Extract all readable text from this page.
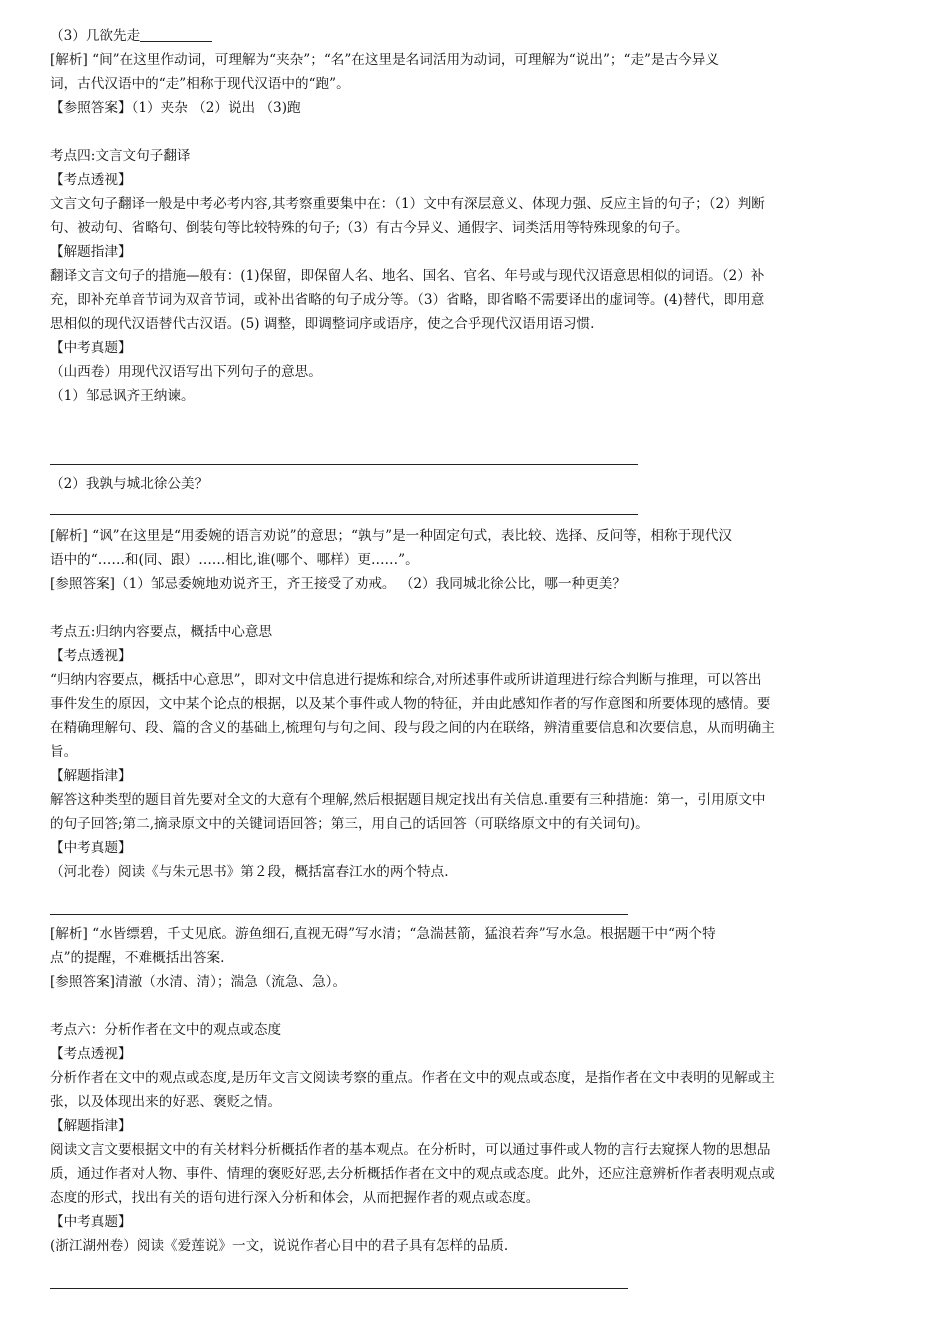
（3）几欲先走
[解析] “间”在这里作动词，可理解为“夹杂”；“名”在这里是名词活用为动词，可理解为“说出”；“走”是古今异义
词，古代汉语中的“走”相称于现代汉语中的“跑”。
【参照答案】（1）夹杂 （2）说出 （3)跑
考点四:文言文句子翻译
【考点透视】
文言文句子翻译一般是中考必考内容,其考察重要集中在：（1）文中有深层意义、体现力强、反应主旨的句子；（2）判断
句、被动句、省略句、倒装句等比较特殊的句子;（3）有古今异义、通假字、词类活用等特殊现象的句子。
【解题指津】
翻译文言文句子的措施—般有：(1)保留，即保留人名、地名、国名、官名、年号或与现代汉语意思相似的词语。（2）补
充，即补充单音节词为双音节词，或补出省略的句子成分等。（3）省略，即省略不需要译出的虚词等。(4)替代，即用意
思相似的现代汉语替代古汉语。(5) 调整，即调整词序或语序，使之合乎现代汉语用语习惯.
【中考真题】
（山西卷）用现代汉语写出下列句子的意思。
（1）邹忌讽齐王纳谏。
（2）我孰与城北徐公美？
[解析] “讽”在这里是“用委婉的语言劝说”的意思；“孰与”是一种固定句式，表比较、选择、反问等，相称于现代汉
语中的“……和(同、跟）……相比,谁(哪个、哪样）更……”。
[参照答案]（1）邹忌委婉地劝说齐王，齐王接受了劝戒。 （2）我同城北徐公比，哪一种更美？
考点五:归纳内容要点，概括中心意思
【考点透视】
“归纳内容要点，概括中心意思”，即对文中信息进行提炼和综合,对所述事件或所讲道理进行综合判断与推理，可以答出
事件发生的原因，文中某个论点的根据，以及某个事件或人物的特征，并由此感知作者的写作意图和所要体现的感情。要
在精确理解句、段、篇的含义的基础上,梳理句与句之间、段与段之间的内在联络，辨清重要信息和次要信息，从而明确主
旨。
【解题指津】
解答这种类型的题目首先要对全文的大意有个理解,然后根据题目规定找出有关信息.重要有三种措施：第一，引用原文中
的句子回答;第二,摘录原文中的关键词语回答；第三，用自己的话回答（可联络原文中的有关词句)。
【中考真题】
（河北卷）阅读《与朱元思书》第２段，概括富春江水的两个特点.
[解析] “水皆缥碧，千丈见底。游鱼细石,直视无碍”写水清；“急湍甚箭，猛浪若奔”写水急。根据题干中“两个特
点”的提醒，不难概括出答案.
[参照答案]清澈（水清、清）；湍急（流急、急）。
考点六：分析作者在文中的观点或态度
【考点透视】
分析作者在文中的观点或态度,是历年文言文阅读考察的重点。作者在文中的观点或态度，是指作者在文中表明的见解或主
张，以及体现出来的好恶、褒贬之情。
【解题指津】
阅读文言文要根据文中的有关材料分析概括作者的基本观点。在分析时，可以通过事件或人物的言行去窥探人物的思想品
质，通过作者对人物、事件、情理的褒贬好恶,去分析概括作者在文中的观点或态度。此外，还应注意辨析作者表明观点或
态度的形式，找出有关的语句进行深入分析和体会，从而把握作者的观点或态度。
【中考真题】
(浙江湖州卷）阅读《爱莲说》一文，说说作者心目中的君子具有怎样的品质.
